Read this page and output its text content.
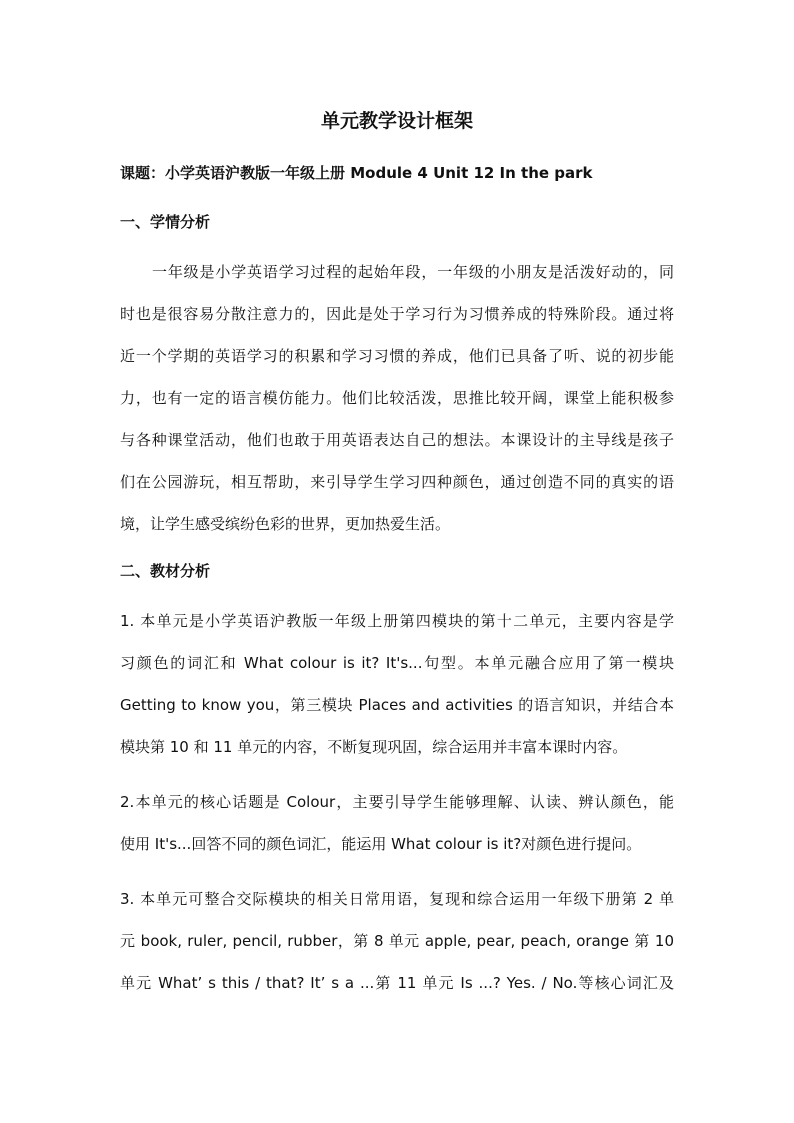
单元教学设计框架
课题：小学英语沪教版一年级上册 Module 4 Unit 12 In the park
一、学情分析
一年级是小学英语学习过程的起始年段，一年级的小朋友是活泼好动的，同
时也是很容易分散注意力的，因此是处于学习行为习惯养成的特殊阶段。通过将
近一个学期的英语学习的积累和学习习惯的养成，他们已具备了听、说的初步能
力，也有一定的语言模仿能力。他们比较活泼，思推比较开阔，课堂上能积极参
与各种课堂活动，他们也敢于用英语表达自己的想法。本课设计的主导线是孩子
们在公园游玩，相互帮助，来引导学生学习四种颜色，通过创造不同的真实的语
境，让学生感受缤纷色彩的世界，更加热爱生活。
二、教材分析
1. 本单元是小学英语沪教版一年级上册第四模块的第十二单元，主要内容是学
习颜色的词汇和 What colour is it? It's...句型。本单元融合应用了第一模块
Getting to know you，第三模块 Places and activities 的语言知识，并结合本
模块第 10 和 11 单元的内容，不断复现巩固，综合运用并丰富本课时内容。
2.本单元的核心话题是 Colour，主要引导学生能够理解、认读、辨认颜色，能
使用 It's...回答不同的颜色词汇，能运用 What colour is it?对颜色进行提问。
3. 本单元可整合交际模块的相关日常用语，复现和综合运用一年级下册第 2 单
元 book, ruler, pencil, rubber，第 8 单元 apple, pear, peach, orange 第 10
单元 What’ s this / that? It’ s a ...第 11 单元 Is ...? Yes. / No.等核心词汇及
